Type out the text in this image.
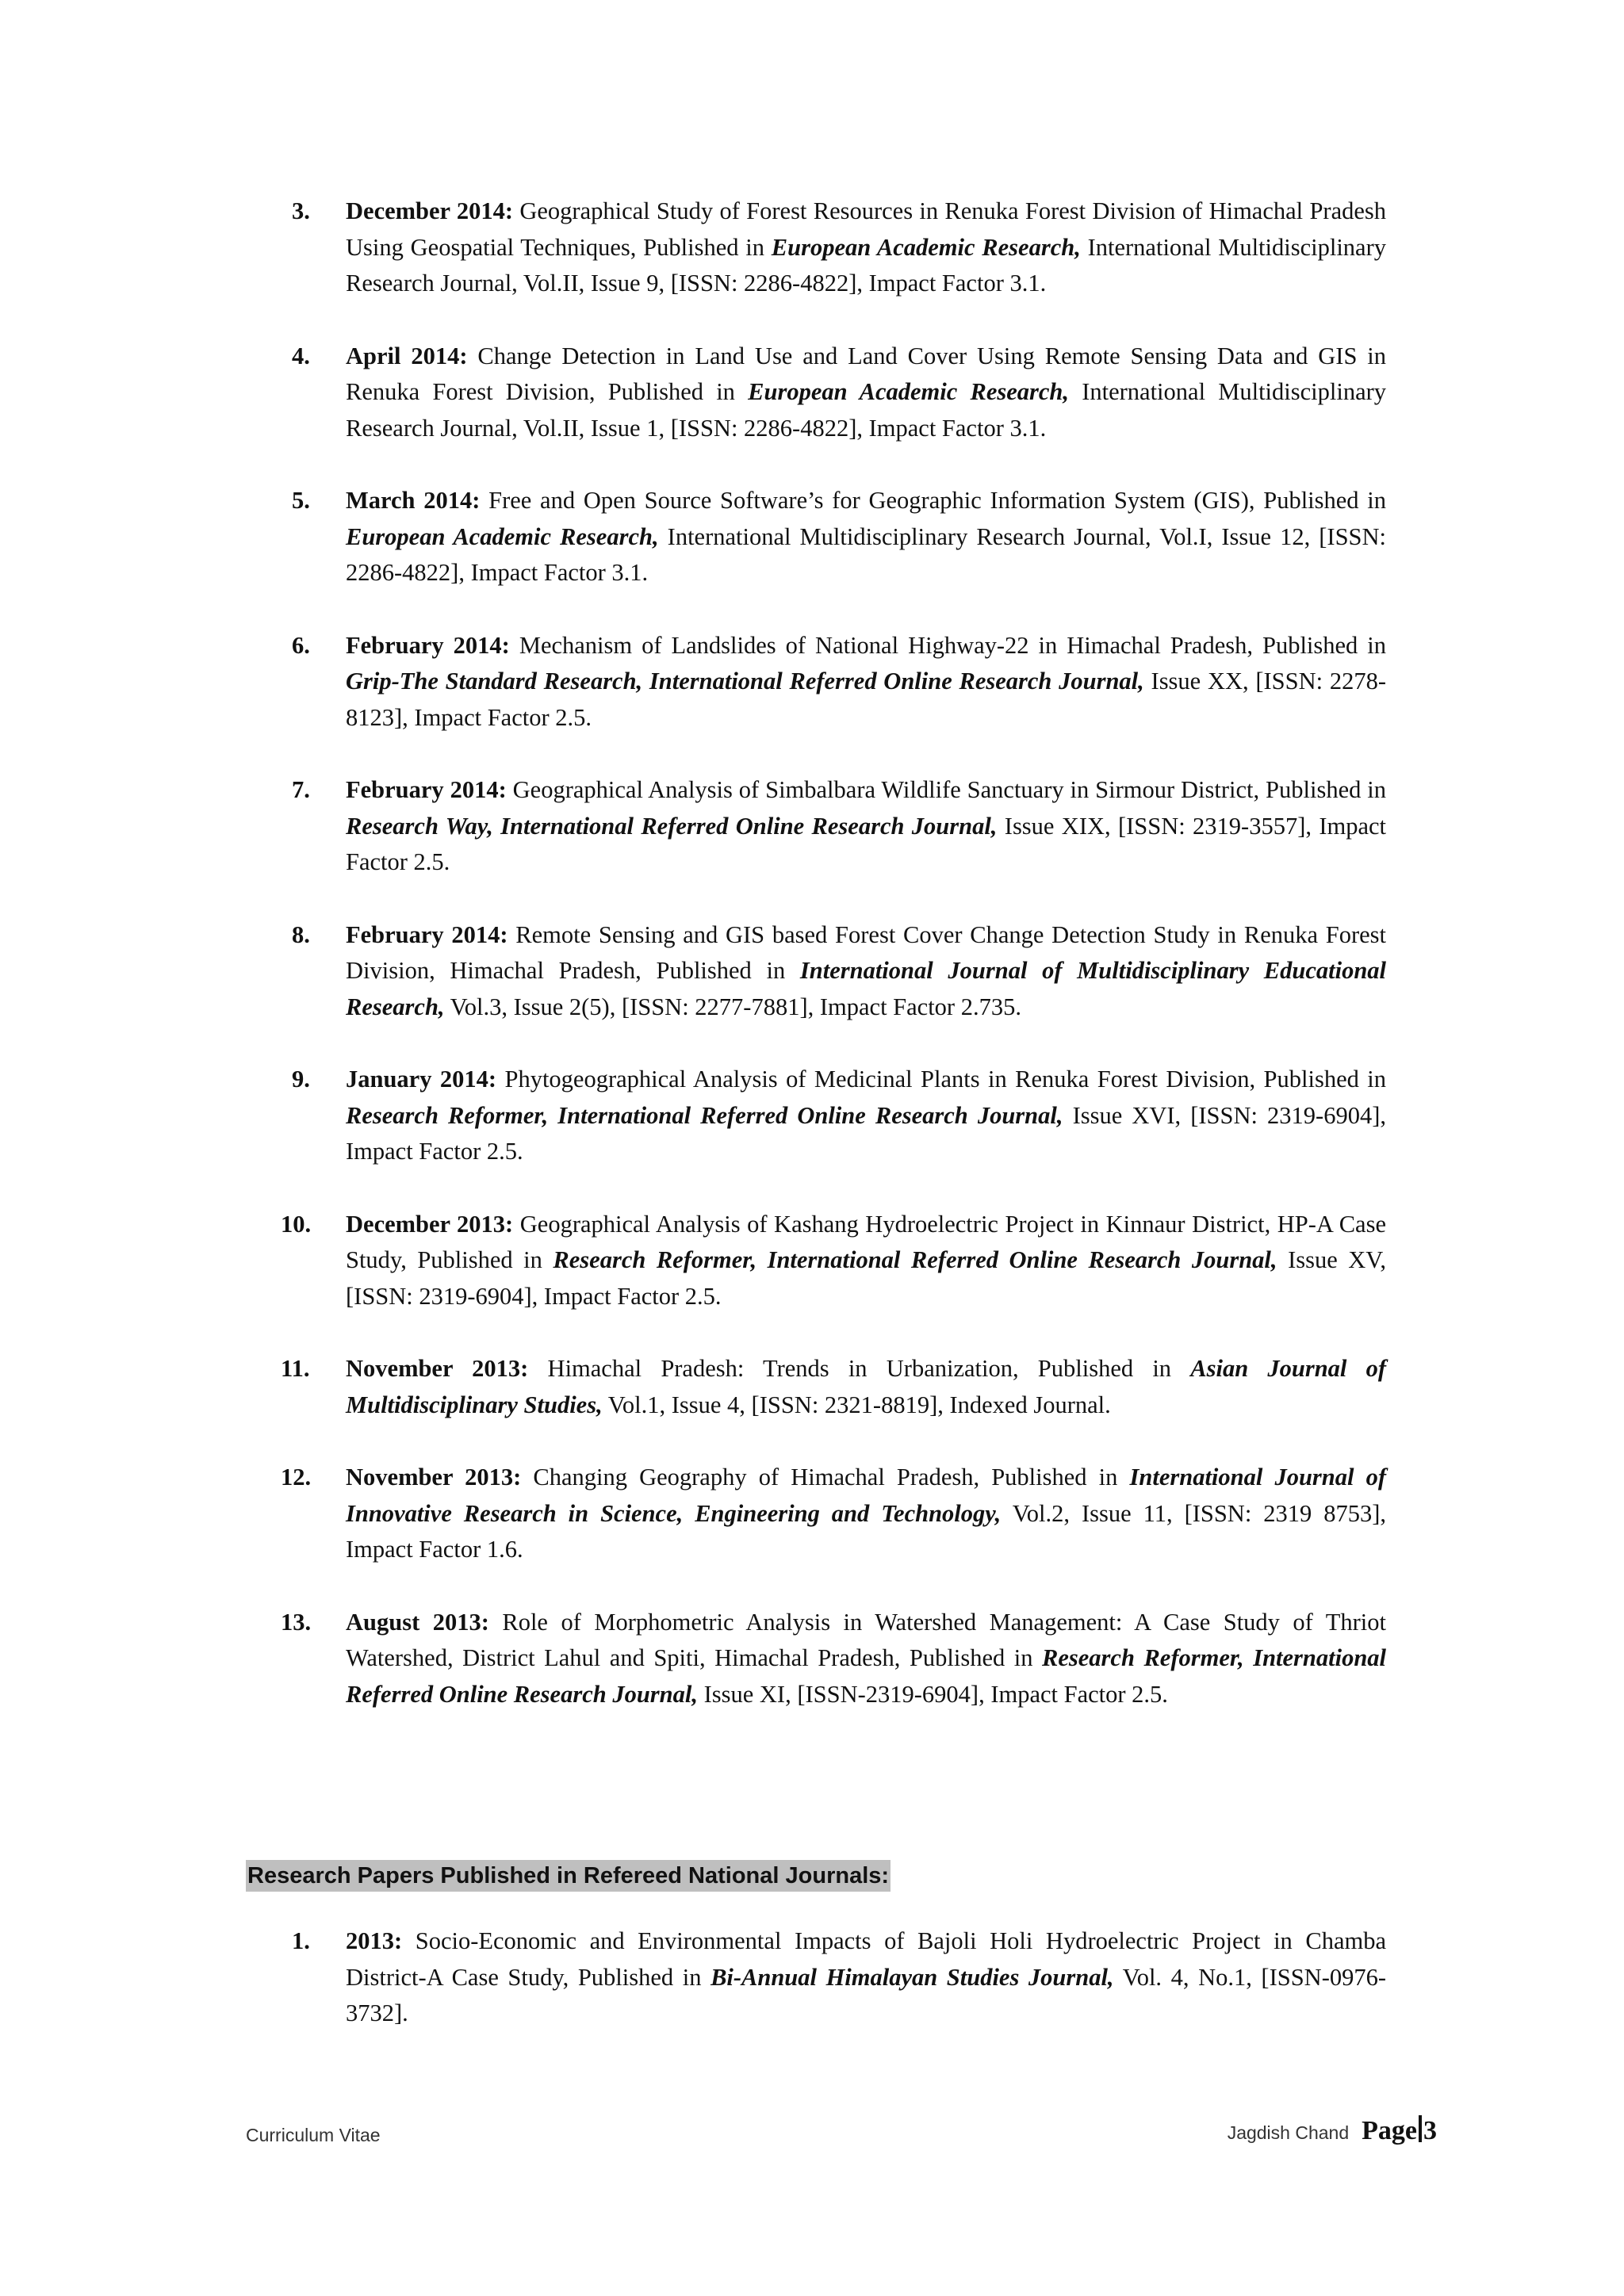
3. December 2014: Geographical Study of Forest Resources in Renuka Forest Division of Himachal Pradesh Using Geospatial Techniques, Published in European Academic Research, International Multidisciplinary Research Journal, Vol.II, Issue 9, [ISSN: 2286-4822], Impact Factor 3.1.
4. April 2014: Change Detection in Land Use and Land Cover Using Remote Sensing Data and GIS in Renuka Forest Division, Published in European Academic Research, International Multidisciplinary Research Journal, Vol.II, Issue 1, [ISSN: 2286-4822], Impact Factor 3.1.
5. March 2014: Free and Open Source Software’s for Geographic Information System (GIS), Published in European Academic Research, International Multidisciplinary Research Journal, Vol.I, Issue 12, [ISSN: 2286-4822], Impact Factor 3.1.
6. February 2014: Mechanism of Landslides of National Highway-22 in Himachal Pradesh, Published in Grip-The Standard Research, International Referred Online Research Journal, Issue XX, [ISSN: 2278-8123], Impact Factor 2.5.
7. February 2014: Geographical Analysis of Simbalbara Wildlife Sanctuary in Sirmour District, Published in Research Way, International Referred Online Research Journal, Issue XIX, [ISSN: 2319-3557], Impact Factor 2.5.
8. February 2014: Remote Sensing and GIS based Forest Cover Change Detection Study in Renuka Forest Division, Himachal Pradesh, Published in International Journal of Multidisciplinary Educational Research, Vol.3, Issue 2(5), [ISSN: 2277-7881], Impact Factor 2.735.
9. January 2014: Phytogeographical Analysis of Medicinal Plants in Renuka Forest Division, Published in Research Reformer, International Referred Online Research Journal, Issue XVI, [ISSN: 2319-6904], Impact Factor 2.5.
10. December 2013: Geographical Analysis of Kashang Hydroelectric Project in Kinnaur District, HP-A Case Study, Published in Research Reformer, International Referred Online Research Journal, Issue XV, [ISSN: 2319-6904], Impact Factor 2.5.
11. November 2013: Himachal Pradesh: Trends in Urbanization, Published in Asian Journal of Multidisciplinary Studies, Vol.1, Issue 4, [ISSN: 2321-8819], Indexed Journal.
12. November 2013: Changing Geography of Himachal Pradesh, Published in International Journal of Innovative Research in Science, Engineering and Technology, Vol.2, Issue 11, [ISSN: 2319 8753], Impact Factor 1.6.
13. August 2013: Role of Morphometric Analysis in Watershed Management: A Case Study of Thriot Watershed, District Lahul and Spiti, Himachal Pradesh, Published in Research Reformer, International Referred Online Research Journal, Issue XI, [ISSN-2319-6904], Impact Factor 2.5.
Research Papers Published in Refereed National Journals:
1. 2013: Socio-Economic and Environmental Impacts of Bajoli Holi Hydroelectric Project in Chamba District-A Case Study, Published in Bi-Annual Himalayan Studies Journal, Vol. 4, No.1, [ISSN-0976-3732].
Curriculum Vitae	Jagdish Chand Page 3
